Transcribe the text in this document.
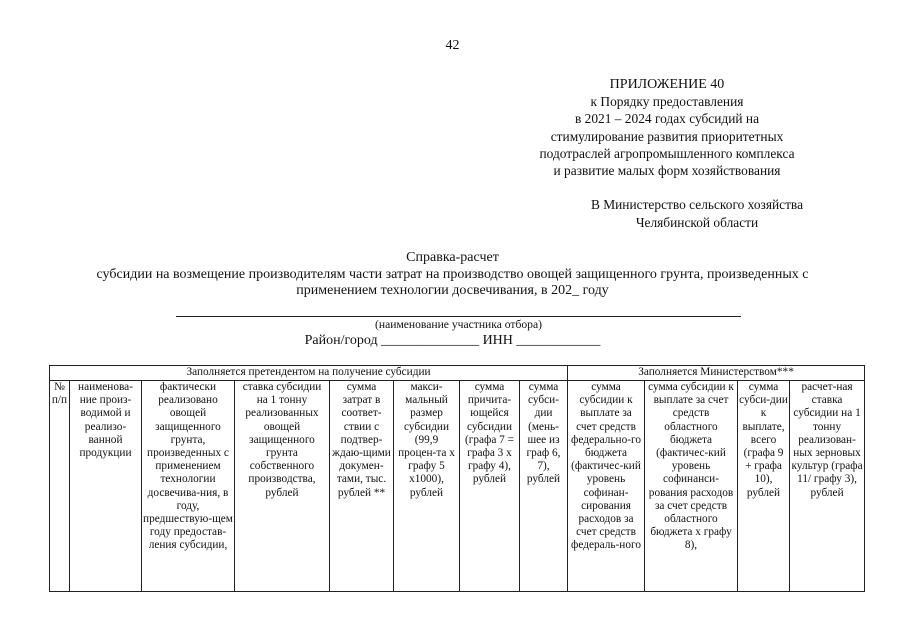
42
ПРИЛОЖЕНИЕ 40
к Порядку предоставления
в 2021 – 2024 годах субсидий на
стимулирование развития приоритетных
подотраслей агропромышленного комплекса
и развитие малых форм хозяйствования
В Министерство сельского хозяйства
Челябинской области
Справка-расчет
субсидии на возмещение производителям части затрат на производство овощей защищенного грунта, произведенных с
применением технологии досвечивания, в 202_ году
(наименование участника отбора)
Район/город ______________ ИНН ____________
Заполняется претендентом на получение субсидии								Заполняется Министерством***			
№ п/п	наименова-ние произ-водимой и реализо-ванной продукции	фактически реализовано овощей защищенного грунта, произведенных с применением технологии досвечива-ния, в году, предшествую-щем году предостав-ления субсидии,	ставка субсидии на 1 тонну реализованных овощей защищенного грунта собственного производства, рублей	сумма затрат в соответ-ствии с подтвер-ждаю-щими докумен-тами, тыс. рублей **	макси-мальный размер субсидии (99,9 процен-та х графу 5 х1000), рублей	сумма причита-ющейся субсидии (графа 7 = графа 3 х графу 4), рублей	сумма субси-дии (мень-шее из граф 6, 7), рублей	сумма субсидии к выплате за счет средств федерально-го бюджета (фактичес-кий уровень софинан-сирования расходов за счет средств федераль-ного	сумма субсидии к выплате за счет средств областного бюджета (фактичес-кий уровень софинанси-рования расходов за счет средств областного бюджета х графу 8),	сумма субси-дии к выплате, всего (графа 9 + графа 10), рублей	расчет-ная ставка субсидии на 1 тонну реализован-ных зерновых культур (графа 11/ графу 3), рублей
